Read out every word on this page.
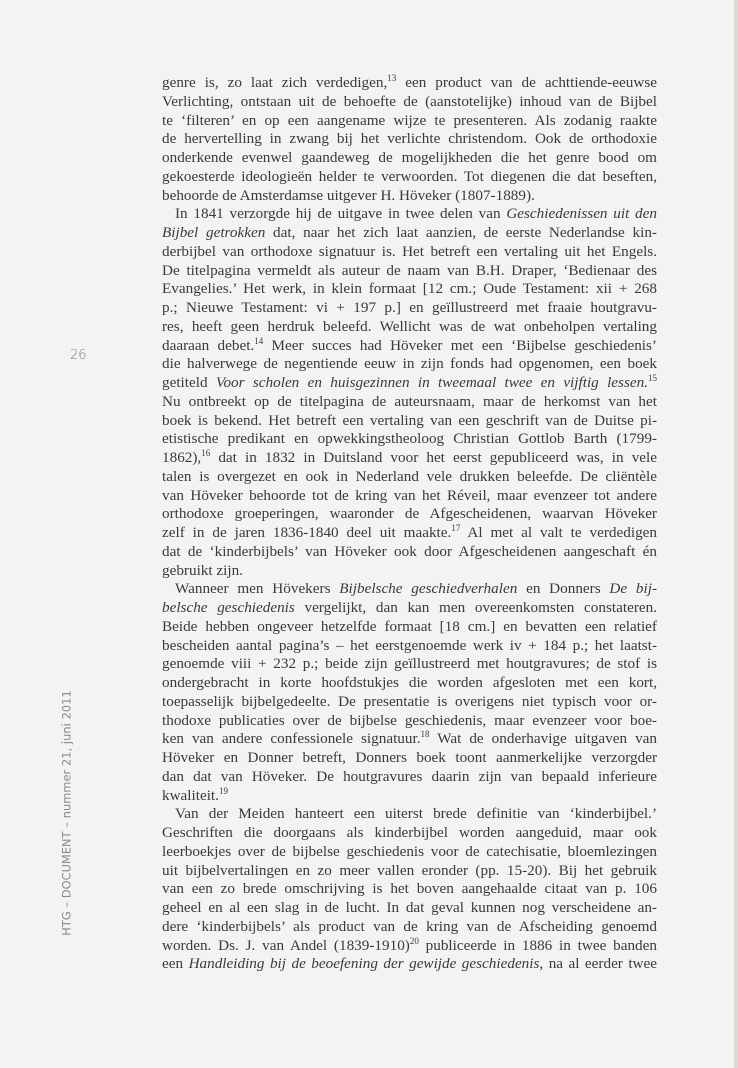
26
HTG – DOCUMENT – nummer 21, juni 2011
genre is, zo laat zich verdedigen,$^{13}$ een product van de achttiende-eeuwse
Verlichting, ontstaan uit de behoefte de (aanstotelijke) inhoud van de Bijbel
te ‘filteren’ en op een aangename wijze te presenteren. Als zodanig raakte
de hervertelling in zwang bij het verlichte christendom. Ook de orthodoxie
onderkende evenwel gaandeweg de mogelijkheden die het genre bood om
gekoesterde ideologieën helder te verwoorden. Tot diegenen die dat beseften,
behoorde de Amsterdamse uitgever H. Höveker (1807-1889).
In 1841 verzorgde hij de uitgave in twee delen van Geschiedenissen uit den
Bijbel getrokken dat, naar het zich laat aanzien, de eerste Nederlandse kin-
derbijbel van orthodoxe signatuur is. Het betreft een vertaling uit het Engels.
De titelpagina vermeldt als auteur de naam van B.H. Draper, ‘Bedienaar des
Evangelies.’ Het werk, in klein formaat [12 cm.; Oude Testament: xii + 268
p.; Nieuwe Testament: vi + 197 p.] en geïllustreerd met fraaie houtgravu-
res, heeft geen herdruk beleefd. Wellicht was de wat onbeholpen vertaling
daaraan debet.$^{14}$ Meer succes had Höveker met een ‘Bijbelse geschiedenis’
die halverwege de negentiende eeuw in zijn fonds had opgenomen, een boek
getiteld Voor scholen en huisgezinnen in tweemaal twee en vijftig lessen.$^{15}$
Nu ontbreekt op de titelpagina de auteursnaam, maar de herkomst van het
boek is bekend. Het betreft een vertaling van een geschrift van de Duitse pi-
etistische predikant en opwekkingstheoloog Christian Gottlob Barth (1799-
1862),$^{16}$ dat in 1832 in Duitsland voor het eerst gepubliceerd was, in vele
talen is overgezet en ook in Nederland vele drukken beleefde. De cliëntèle
van Höveker behoorde tot de kring van het Réveil, maar evenzeer tot andere
orthodoxe groeperingen, waaronder de Afgescheidenen, waarvan Höveker
zelf in de jaren 1836-1840 deel uit maakte.$^{17}$ Al met al valt te verdedigen
dat de ‘kinderbijbels’ van Höveker ook door Afgescheidenen aangeschaft én
gebruikt zijn.
Wanneer men Hövekers Bijbelsche geschiedverhalen en Donners De bij-
belsche geschiedenis vergelijkt, dan kan men overeenkomsten constateren.
Beide hebben ongeveer hetzelfde formaat [18 cm.] en bevatten een relatief
bescheiden aantal pagina’s – het eerstgenoemde werk iv + 184 p.; het laatst-
genoemde viii + 232 p.; beide zijn geïllustreerd met houtgravures; de stof is
ondergebracht in korte hoofdstukjes die worden afgesloten met een kort,
toepasselijk bijbelgedeelte. De presentatie is overigens niet typisch voor or-
thodoxe publicaties over de bijbelse geschiedenis, maar evenzeer voor boe-
ken van andere confessionele signatuur.$^{18}$ Wat de onderhavige uitgaven van
Höveker en Donner betreft, Donners boek toont aanmerkelijke verzorgder
dan dat van Höveker. De houtgravures daarin zijn van bepaald inferieure
kwaliteit.$^{19}$
Van der Meiden hanteert een uiterst brede definitie van ‘kinderbijbel.’
Geschriften die doorgaans als kinderbijbel worden aangeduid, maar ook
leerboekjes over de bijbelse geschiedenis voor de catechisatie, bloemlezingen
uit bijbelvertalingen en zo meer vallen eronder (pp. 15-20). Bij het gebruik
van een zo brede omschrijving is het boven aangehaalde citaat van p. 106
geheel en al een slag in de lucht. In dat geval kunnen nog verscheidene an-
dere ‘kinderbijbels’ als product van de kring van de Afscheiding genoemd
worden. Ds. J. van Andel (1839-1910)$^{20}$ publiceerde in 1886 in twee banden
een Handleiding bij de beoefening der gewijde geschiedenis, na al eerder twee
